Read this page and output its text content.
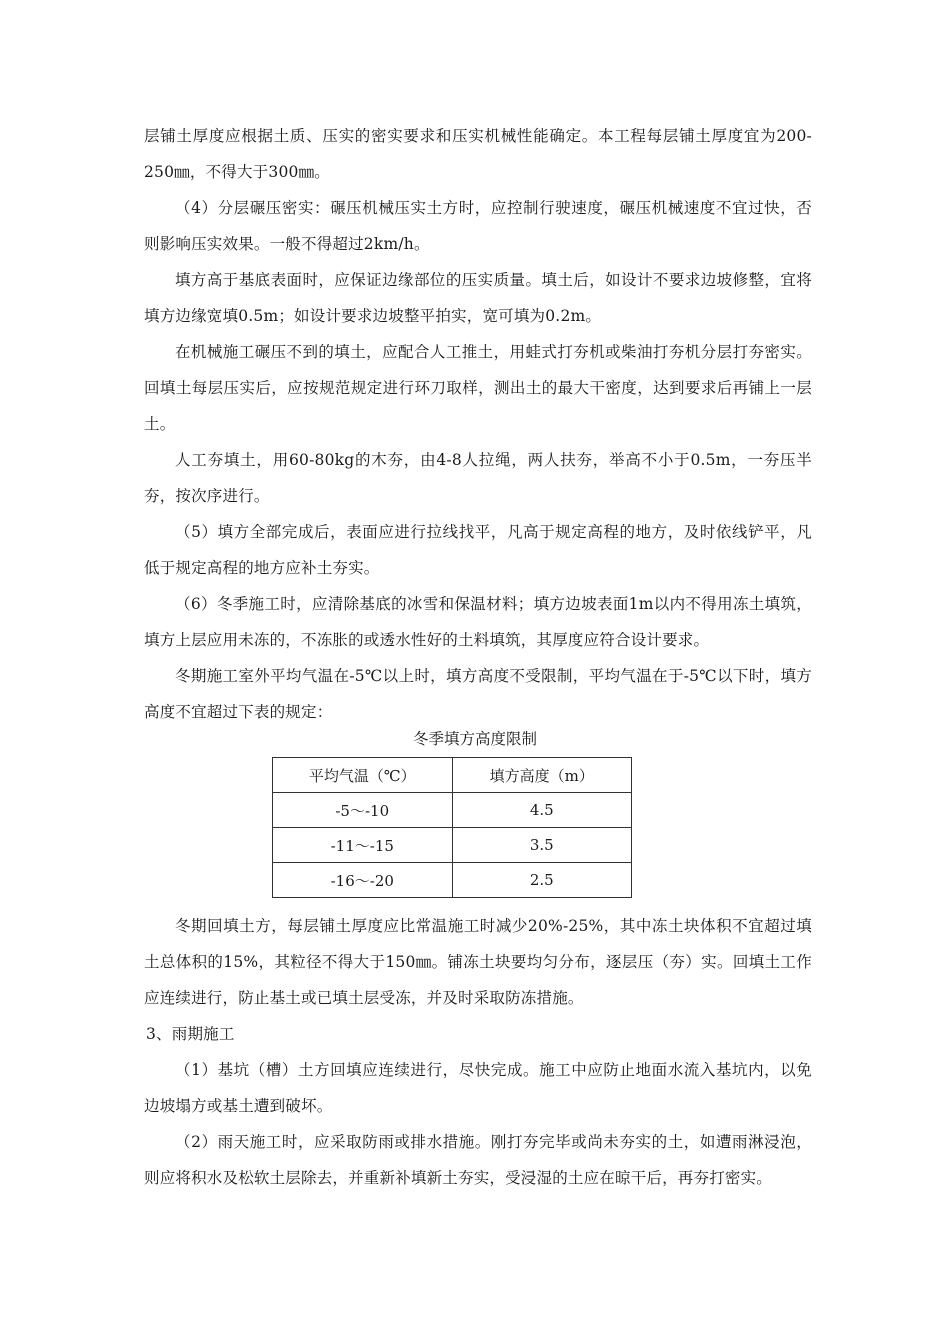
层铺土厚度应根据土质、压实的密实要求和压实机械性能确定。本工程每层铺土厚度宜为200-250㎜，不得大于300㎜。

（4）分层碾压密实：碾压机械压实土方时，应控制行驶速度，碾压机械速度不宜过快，否则影响压实效果。一般不得超过2km/h。

填方高于基底表面时，应保证边缘部位的压实质量。填土后，如设计不要求边坡修整，宜将填方边缘宽填0.5m；如设计要求边坡整平拍实，宽可填为0.2m。

在机械施工碾压不到的填土，应配合人工推土，用蛙式打夯机或柴油打夯机分层打夯密实。回填土每层压实后，应按规范规定进行环刀取样，测出土的最大干密度，达到要求后再铺上一层土。

人工夯填土，用60-80kg的木夯，由4-8人拉绳，两人扶夯，举高不小于0.5m，一夯压半夯，按次序进行。

（5）填方全部完成后，表面应进行拉线找平，凡高于规定高程的地方，及时依线铲平，凡低于规定高程的地方应补土夯实。

（6）冬季施工时，应清除基底的冰雪和保温材料；填方边坡表面1m以内不得用冻土填筑，填方上层应用未冻的，不冻胀的或透水性好的土料填筑，其厚度应符合设计要求。

冬期施工室外平均气温在-5℃以上时，填方高度不受限制，平均气温在于-5℃以下时，填方高度不宜超过下表的规定：

冬季填方高度限制
平均气温（℃）	填方高度（m）
-5～-10	4.5
-11～-15	3.5
-16～-20	2.5

冬期回填土方，每层铺土厚度应比常温施工时减少20%-25%，其中冻土块体积不宜超过填土总体积的15%，其粒径不得大于150㎜。铺冻土块要均匀分布，逐层压（夯）实。回填土工作应连续进行，防止基土或已填土层受冻，并及时采取防冻措施。

3、雨期施工

（1）基坑（槽）土方回填应连续进行，尽快完成。施工中应防止地面水流入基坑内，以免边坡塌方或基土遭到破坏。

（2）雨天施工时，应采取防雨或排水措施。刚打夯完毕或尚未夯实的土，如遭雨淋浸泡，则应将积水及松软土层除去，并重新补填新土夯实，受浸湿的土应在晾干后，再夯打密实。
